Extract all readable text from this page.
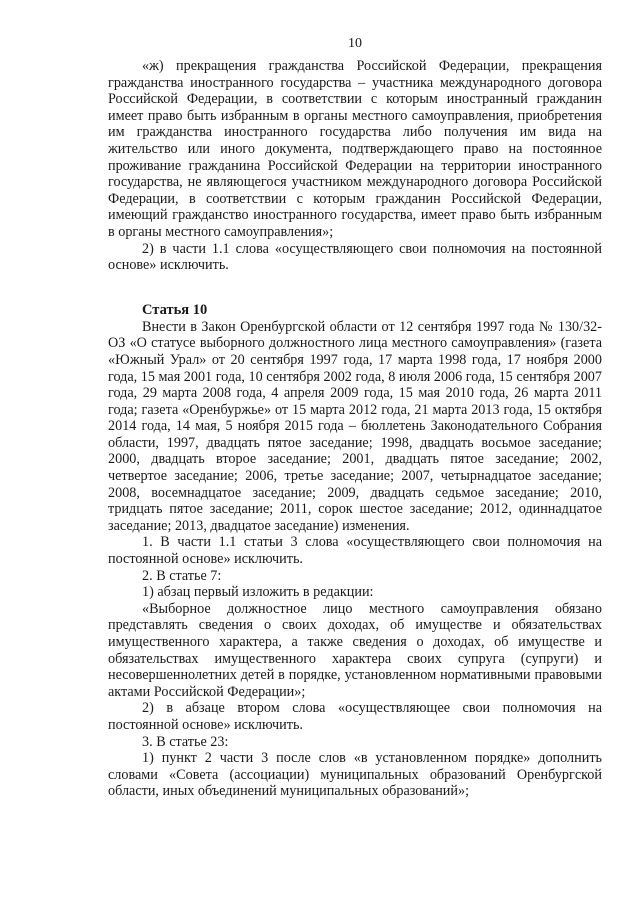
10

«ж) прекращения гражданства Российской Федерации, прекращения гражданства иностранного государства – участника международного договора Российской Федерации, в соответствии с которым иностранный гражданин имеет право быть избранным в органы местного самоуправления, приобретения им гражданства иностранного государства либо получения им вида на жительство или иного документа, подтверждающего право на постоянное проживание гражданина Российской Федерации на территории иностранного государства, не являющегося участником международного договора Российской Федерации, в соответствии с которым гражданин Российской Федерации, имеющий гражданство иностранного государства, имеет право быть избранным в органы местного самоуправления»;

2) в части 1.1 слова «осуществляющего свои полномочия на постоянной основе» исключить.

Статья 10

Внести в Закон Оренбургской области от 12 сентября 1997 года № 130/32-ОЗ «О статусе выборного должностного лица местного самоуправления» (газета «Южный Урал» от 20 сентября 1997 года, 17 марта 1998 года, 17 ноября 2000 года, 15 мая 2001 года, 10 сентября 2002 года, 8 июля 2006 года, 15 сентября 2007 года, 29 марта 2008 года, 4 апреля 2009 года, 15 мая 2010 года, 26 марта 2011 года; газета «Оренбуржье» от 15 марта 2012 года, 21 марта 2013 года, 15 октября 2014 года, 14 мая, 5 ноября 2015 года – бюллетень Законодательного Собрания области, 1997, двадцать пятое заседание; 1998, двадцать восьмое заседание; 2000, двадцать второе заседание; 2001, двадцать пятое заседание; 2002, четвертое заседание; 2006, третье заседание; 2007, четырнадцатое заседание; 2008, восемнадцатое заседание; 2009, двадцать седьмое заседание; 2010, тридцать пятое заседание; 2011, сорок шестое заседание; 2012, одиннадцатое заседание; 2013, двадцатое заседание) изменения.

1. В части 1.1 статьи 3 слова «осуществляющего свои полномочия на постоянной основе» исключить.

2. В статье 7:

1) абзац первый изложить в редакции:

«Выборное должностное лицо местного самоуправления обязано представлять сведения о своих доходах, об имуществе и обязательствах имущественного характера, а также сведения о доходах, об имуществе и обязательствах имущественного характера своих супруга (супруги) и несовершеннолетних детей в порядке, установленном нормативными правовыми актами Российской Федерации»;

2) в абзаце втором слова «осуществляющее свои полномочия на постоянной основе» исключить.

3. В статье 23:

1) пункт 2 части 3 после слов «в установленном порядке» дополнить словами «Совета (ассоциации) муниципальных образований Оренбургской области, иных объединений муниципальных образований»;
